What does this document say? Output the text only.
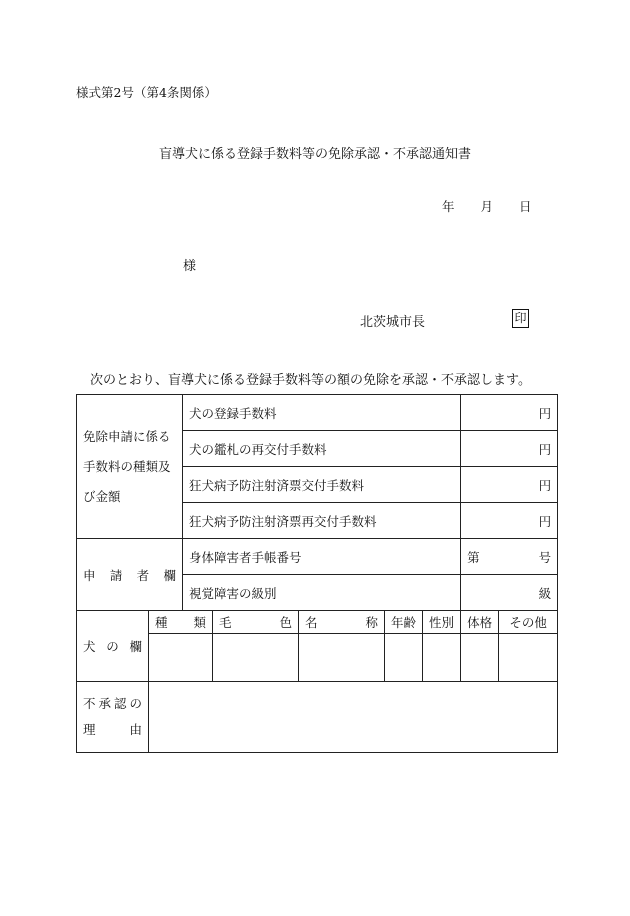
様式第2号（第4条関係）
盲導犬に係る登録手数料等の免除承認・不承認通知書
年 月 日
様
北茨城市長	印
次のとおり、盲導犬に係る登録手数料等の額の免除を承認・不承認します。
免除申請に係る手数料の種類及び金額		犬の登録手数料					円	
		犬の鑑札の再交付手数料					円	
		狂犬病予防注射済票交付手数料					円	
		狂犬病予防注射済票再交付手数料					円	
申請者欄		身体障害者手帳番号					第 号	

		視覚障害の級別					級	
犬の欄	種類		毛色	名称	年齢	性別	体格	その他

不承認の理由								
